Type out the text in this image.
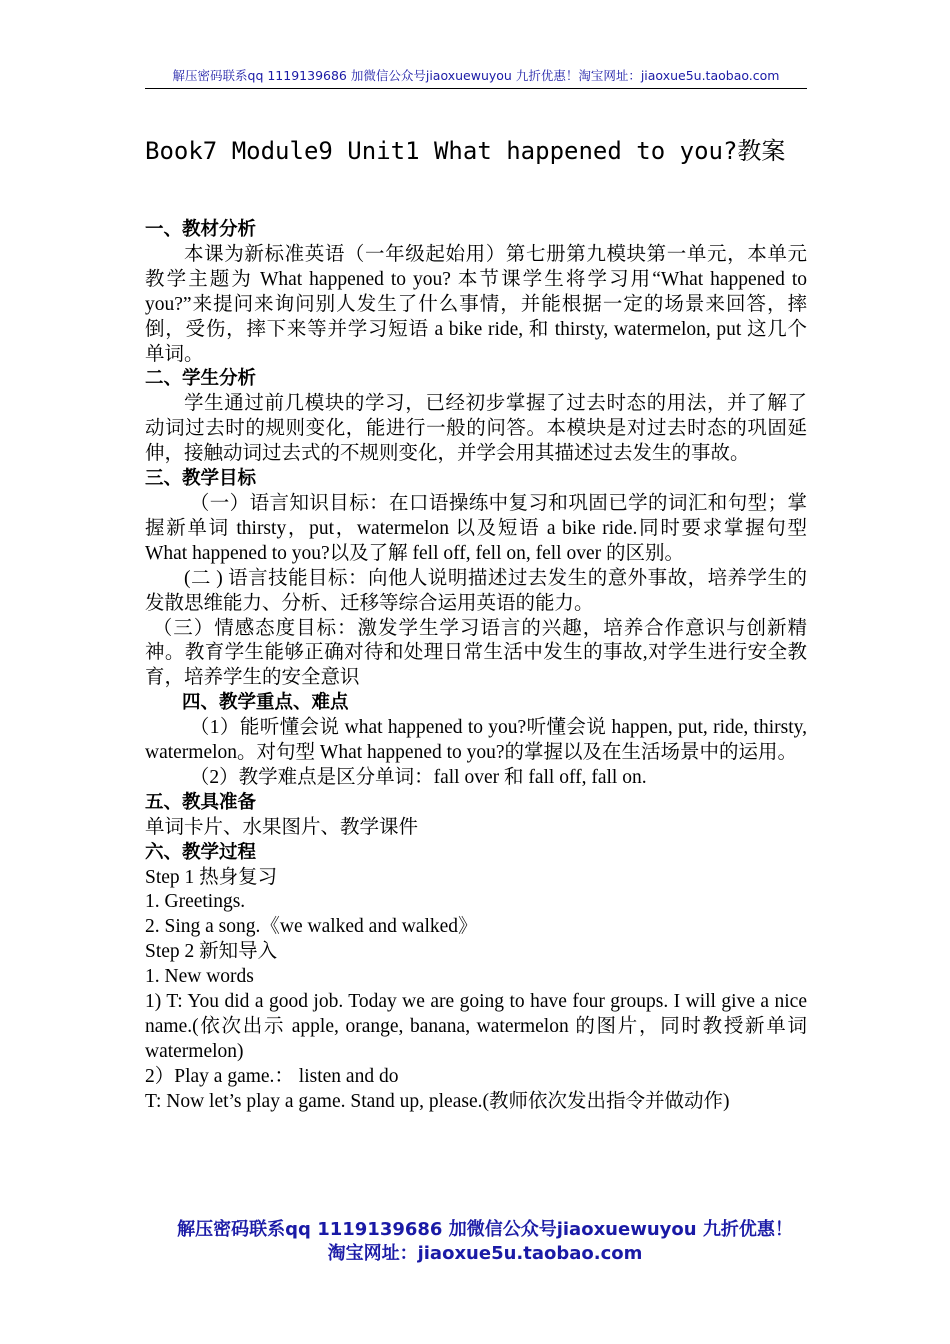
解压密码联系qq 1119139686 加微信公众号jiaoxuewuyou 九折优惠！淘宝网址：jiaoxue5u.taobao.com
Book7 Module9 Unit1 What happened to you?教案

一、教材分析

本课为新标准英语（一年级起始用）第七册第九模块第一单元，本单元教学主题为 What happened to you? 本节课学生将学习用“What happened to you?”来提问来询问别人发生了什么事情，并能根据一定的场景来回答，摔倒，受伤，摔下来等并学习短语 a bike ride, 和 thirsty, watermelon, put 这几个单词。

二、学生分析

学生通过前几模块的学习，已经初步掌握了过去时态的用法，并了解了动词过去时的规则变化，能进行一般的问答。本模块是对过去时态的巩固延伸，接触动词过去式的不规则变化，并学会用其描述过去发生的事故。

三、教学目标

（一）语言知识目标：在口语操练中复习和巩固已学的词汇和句型；掌握新单词 thirsty，put，watermelon 以及短语 a bike ride.同时要求掌握句型 What happened to you?以及了解 fell off, fell on, fell over 的区别。

(二 ) 语言技能目标：向他人说明描述过去发生的意外事故，培养学生的发散思维能力、分析、迁移等综合运用英语的能力。

（三）情感态度目标：激发学生学习语言的兴趣，培养合作意识与创新精神。教育学生能够正确对待和处理日常生活中发生的事故,对学生进行安全教育，培养学生的安全意识

四、教学重点、难点

（1）能听懂会说 what happened to you?听懂会说 happen, put, ride, thirsty, watermelon。对句型 What happened to you?的掌握以及在生活场景中的运用。

（2）教学难点是区分单词：fall over 和 fall off, fall on.

五、教具准备

单词卡片、水果图片、教学课件

六、教学过程

Step 1 热身复习

1. Greetings.

2. Sing a song.《we walked and walked》

Step 2 新知导入

1. New words

1) T: You did a good job. Today we are going to have four groups. I will give a nice name.(依次出示 apple, orange, banana, watermelon 的图片，同时教授新单词 watermelon)

2）Play a game.： listen and do

T: Now let’s play a game. Stand up, please.(教师依次发出指令并做动作)

解压密码联系qq 1119139686 加微信公众号jiaoxuewuyou 九折优惠！
淘宝网址：jiaoxue5u.taobao.com
